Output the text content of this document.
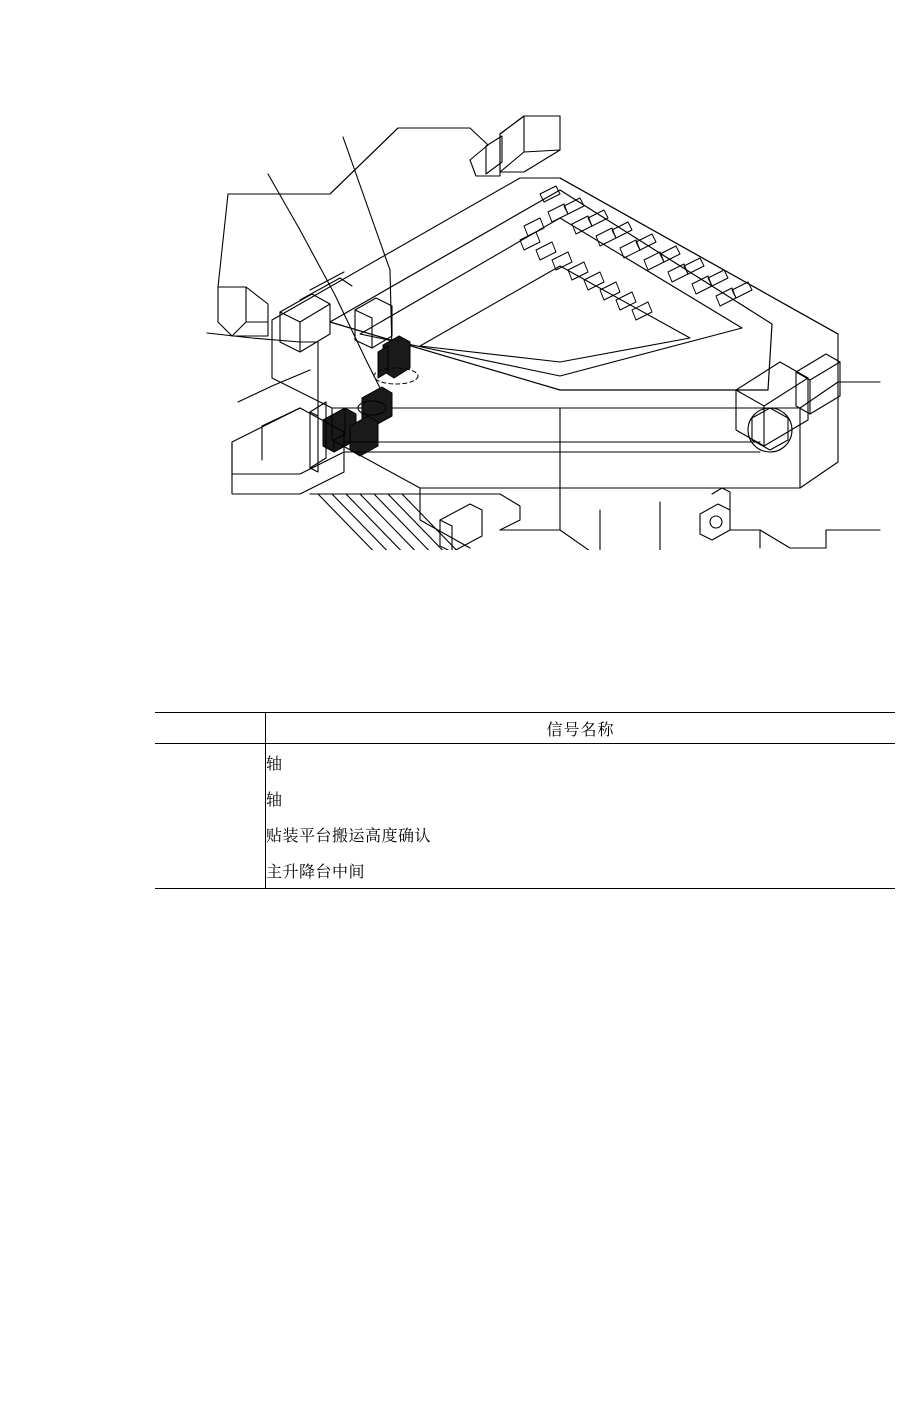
	信号名称
	轴
	轴
	贴装平台搬运高度确认
	主升降台中间
